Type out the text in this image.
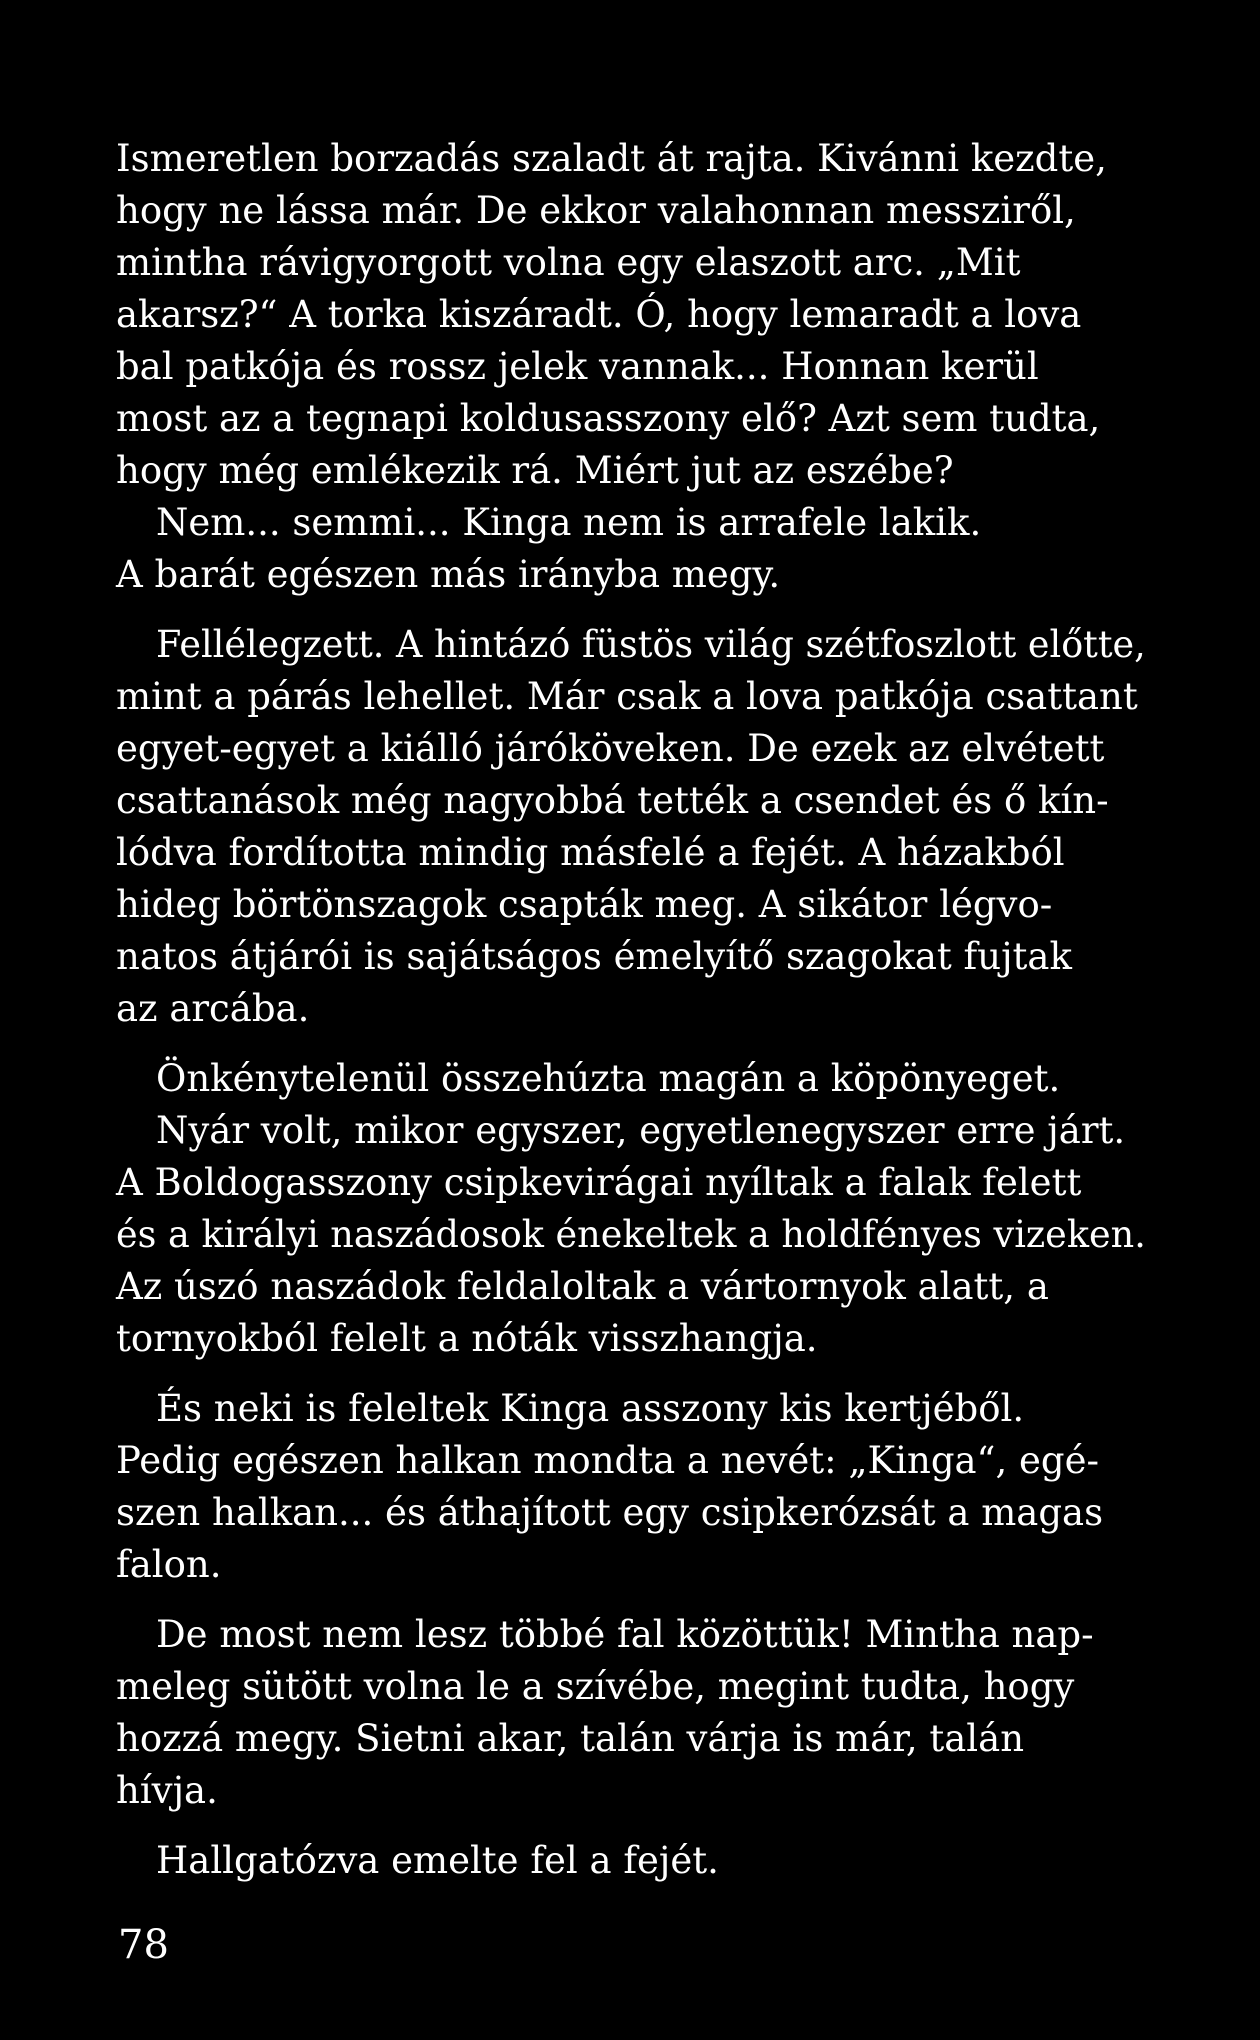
Ismeretlen borzadás szaladt át rajta. Kivánni kezdte,
hogy ne lássa már. De ekkor valahonnan messziről,
mintha rávigyorgott volna egy elaszott arc. „Mit
akarsz?“ A torka kiszáradt. Ó, hogy lemaradt a lova
bal patkója és rossz jelek vannak... Honnan kerül
most az a tegnapi koldusasszony elő? Azt sem tudta,
hogy még emlékezik rá. Miért jut az eszébe?
Nem... semmi... Kinga nem is arrafele lakik.
A barát egészen más irányba megy.
Fellélegzett. A hintázó füstös világ szétfoszlott előtte,
mint a párás lehellet. Már csak a lova patkója csattant
egyet-egyet a kiálló járóköveken. De ezek az elvétett
csattanások még nagyobbá tették a csendet és ő kín-
lódva fordította mindig másfelé a fejét. A házakból
hideg börtönszagok csapták meg. A sikátor légvo-
natos átjárói is sajátságos émelyítő szagokat fujtak
az arcába.
Önkénytelenül összehúzta magán a köpönyeget.
Nyár volt, mikor egyszer, egyetlenegyszer erre járt.
A Boldogasszony csipkevirágai nyíltak a falak felett
és a királyi naszádosok énekeltek a holdfényes vizeken.
Az úszó naszádok feldaloltak a vártornyok alatt, a
tornyokból felelt a nóták visszhangja.
És neki is feleltek Kinga asszony kis kertjéből.
Pedig egészen halkan mondta a nevét: „Kinga“, egé-
szen halkan... és áthajított egy csipkerózsát a magas
falon.
De most nem lesz többé fal közöttük! Mintha nap-
meleg sütött volna le a szívébe, megint tudta, hogy
hozzá megy. Sietni akar, talán várja is már, talán
hívja.
Hallgatózva emelte fel a fejét.
78
